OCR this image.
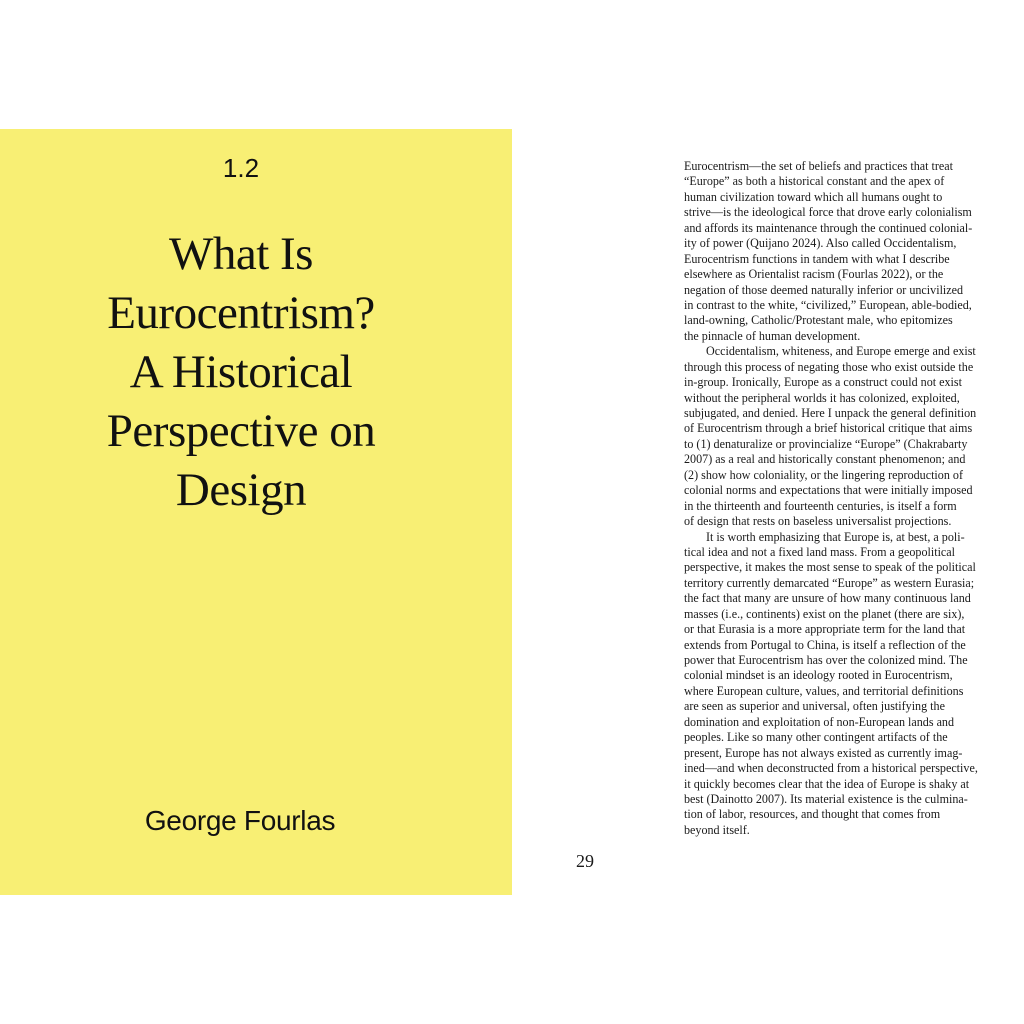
1.2
What Is
Eurocentrism?
A Historical
Perspective on
Design
George Fourlas
Eurocentrism—the set of beliefs and practices that treat
“Europe” as both a historical constant and the apex of
human civilization toward which all humans ought to
strive—is the ideological force that drove early colonialism
and affords its maintenance through the continued colonial-
ity of power (Quijano 2024). Also called Occidentalism,
Eurocentrism functions in tandem with what I describe
elsewhere as Orientalist racism (Fourlas 2022), or the
negation of those deemed naturally inferior or uncivilized
in contrast to the white, “civilized,” European, able-bodied,
land-owning, Catholic/Protestant male, who epitomizes
the pinnacle of human development.
Occidentalism, whiteness, and Europe emerge and exist
through this process of negating those who exist outside the
in-group. Ironically, Europe as a construct could not exist
without the peripheral worlds it has colonized, exploited,
subjugated, and denied. Here I unpack the general definition
of Eurocentrism through a brief historical critique that aims
to (1) denaturalize or provincialize “Europe” (Chakrabarty
2007) as a real and historically constant phenomenon; and
(2) show how coloniality, or the lingering reproduction of
colonial norms and expectations that were initially imposed
in the thirteenth and fourteenth centuries, is itself a form
of design that rests on baseless universalist projections.
It is worth emphasizing that Europe is, at best, a poli-
tical idea and not a fixed land mass. From a geopolitical
perspective, it makes the most sense to speak of the political
territory currently demarcated “Europe” as western Eurasia;
the fact that many are unsure of how many continuous land
masses (i.e., continents) exist on the planet (there are six),
or that Eurasia is a more appropriate term for the land that
extends from Portugal to China, is itself a reflection of the
power that Eurocentrism has over the colonized mind. The
colonial mindset is an ideology rooted in Eurocentrism,
where European culture, values, and territorial definitions
are seen as superior and universal, often justifying the
domination and exploitation of non-European lands and
peoples. Like so many other contingent artifacts of the
present, Europe has not always existed as currently imag-
ined—and when deconstructed from a historical perspective,
it quickly becomes clear that the idea of Europe is shaky at
best (Dainotto 2007). Its material existence is the culmina-
tion of labor, resources, and thought that comes from
beyond itself.
29
